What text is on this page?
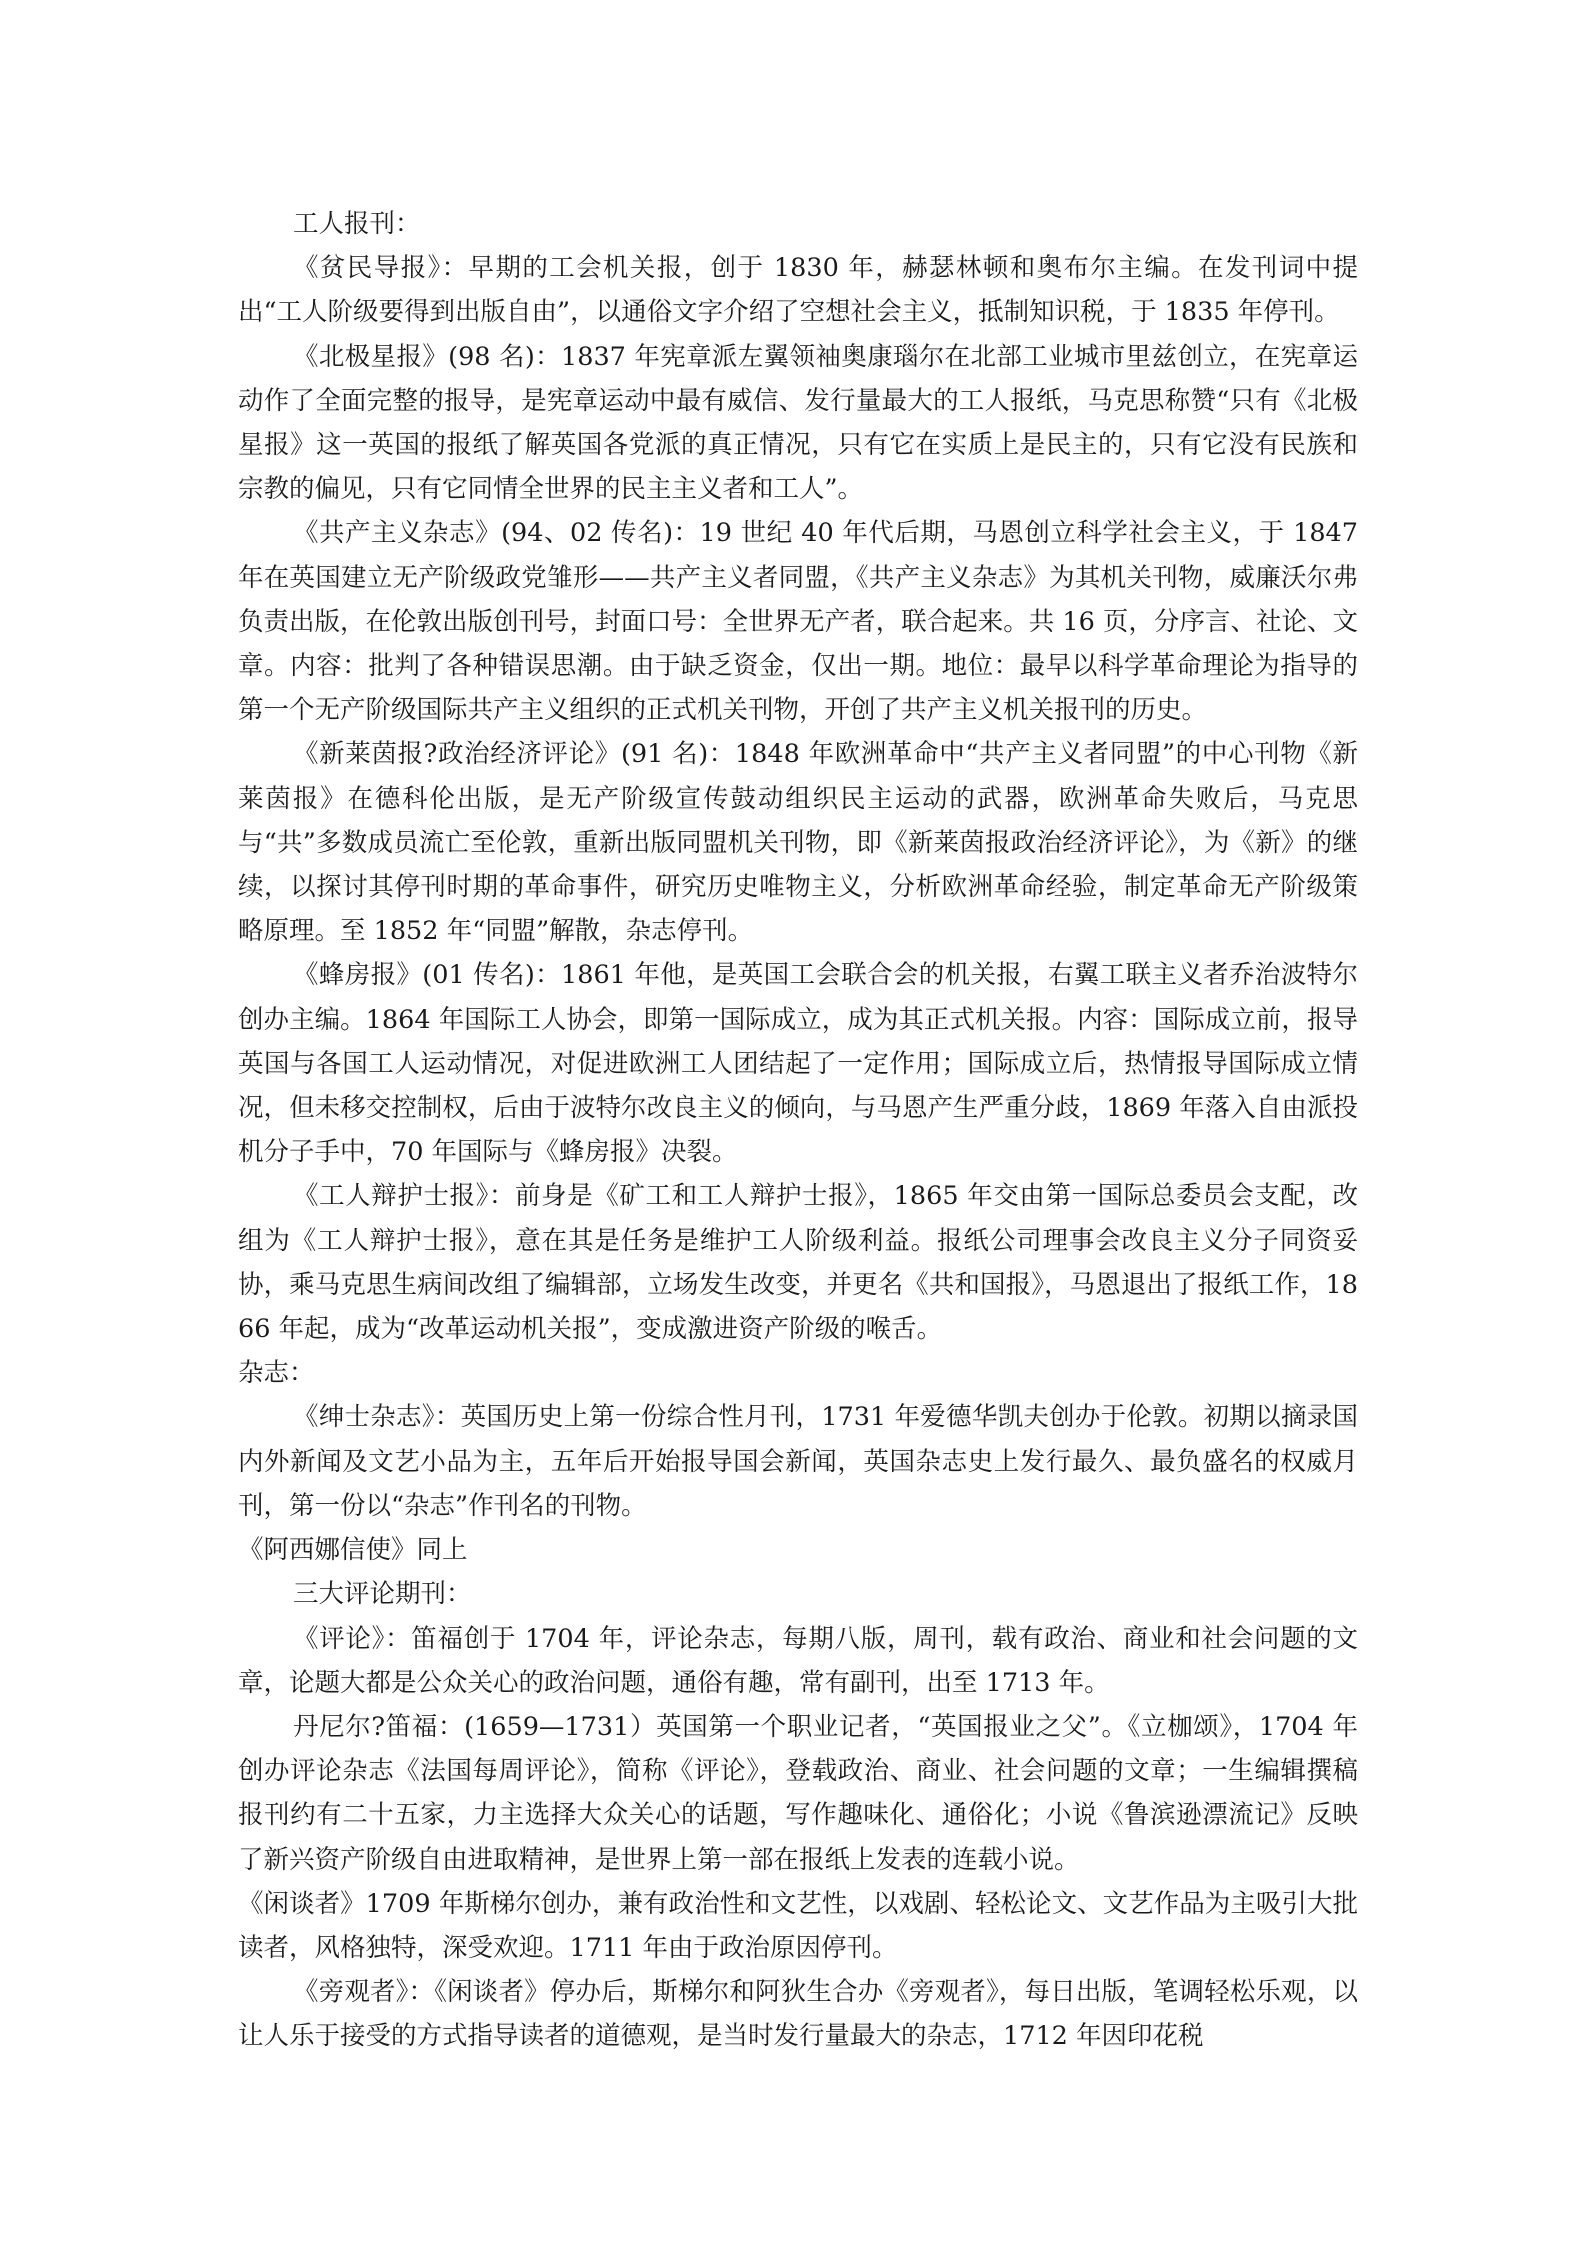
工人报刊：

《贫民导报》：早期的工会机关报，创于 1830 年，赫瑟林顿和奥布尔主编。在发刊词中提出“工人阶级要得到出版自由”，以通俗文字介绍了空想社会主义，抵制知识税，于 1835 年停刊。

《北极星报》(98 名)：1837 年宪章派左翼领袖奥康瑙尔在北部工业城市里兹创立，在宪章运动作了全面完整的报导，是宪章运动中最有威信、发行量最大的工人报纸，马克思称赞“只有《北极星报》这一英国的报纸了解英国各党派的真正情况，只有它在实质上是民主的，只有它没有民族和宗教的偏见，只有它同情全世界的民主主义者和工人”。

《共产主义杂志》(94、02 传名)：19 世纪 40 年代后期，马恩创立科学社会主义，于 1847 年在英国建立无产阶级政党雏形——共产主义者同盟，《共产主义杂志》为其机关刊物，威廉沃尔弗负责出版，在伦敦出版创刊号，封面口号：全世界无产者，联合起来。共 16 页，分序言、社论、文章。内容：批判了各种错误思潮。由于缺乏资金，仅出一期。地位：最早以科学革命理论为指导的第一个无产阶级国际共产主义组织的正式机关刊物，开创了共产主义机关报刊的历史。

《新莱茵报?政治经济评论》(91 名)：1848 年欧洲革命中“共产主义者同盟”的中心刊物《新莱茵报》在德科伦出版，是无产阶级宣传鼓动组织民主运动的武器，欧洲革命失败后，马克思与“共”多数成员流亡至伦敦，重新出版同盟机关刊物，即《新莱茵报政治经济评论》，为《新》的继续，以探讨其停刊时期的革命事件，研究历史唯物主义，分析欧洲革命经验，制定革命无产阶级策略原理。至 1852 年“同盟”解散，杂志停刊。

《蜂房报》(01 传名)：1861 年他，是英国工会联合会的机关报，右翼工联主义者乔治波特尔创办主编。1864 年国际工人协会，即第一国际成立，成为其正式机关报。内容：国际成立前，报导英国与各国工人运动情况，对促进欧洲工人团结起了一定作用；国际成立后，热情报导国际成立情况，但未移交控制权，后由于波特尔改良主义的倾向，与马恩产生严重分歧，1869 年落入自由派投机分子手中，70 年国际与《蜂房报》决裂。

《工人辩护士报》：前身是《矿工和工人辩护士报》，1865 年交由第一国际总委员会支配，改组为《工人辩护士报》，意在其是任务是维护工人阶级利益。报纸公司理事会改良主义分子同资妥协，乘马克思生病间改组了编辑部，立场发生改变，并更名《共和国报》，马恩退出了报纸工作，1866 年起，成为“改革运动机关报”，变成激进资产阶级的喉舌。

杂志：

《绅士杂志》：英国历史上第一份综合性月刊，1731 年爱德华凯夫创办于伦敦。初期以摘录国内外新闻及文艺小品为主，五年后开始报导国会新闻，英国杂志史上发行最久、最负盛名的权威月刊，第一份以“杂志”作刊名的刊物。

《阿西娜信使》同上

三大评论期刊：

《评论》：笛福创于 1704 年，评论杂志，每期八版，周刊，载有政治、商业和社会问题的文章，论题大都是公众关心的政治问题，通俗有趣，常有副刊，出至 1713 年。

丹尼尔?笛福：(1659—1731）英国第一个职业记者，“英国报业之父”。《立枷颂》，1704 年创办评论杂志《法国每周评论》，简称《评论》，登载政治、商业、社会问题的文章；一生编辑撰稿报刊约有二十五家，力主选择大众关心的话题，写作趣味化、通俗化；小说《鲁滨逊漂流记》反映了新兴资产阶级自由进取精神，是世界上第一部在报纸上发表的连载小说。

《闲谈者》1709 年斯梯尔创办，兼有政治性和文艺性，以戏剧、轻松论文、文艺作品为主吸引大批读者，风格独特，深受欢迎。1711 年由于政治原因停刊。

《旁观者》：《闲谈者》停办后，斯梯尔和阿狄生合办《旁观者》，每日出版，笔调轻松乐观，以让人乐于接受的方式指导读者的道德观，是当时发行量最大的杂志，1712 年因印花税
